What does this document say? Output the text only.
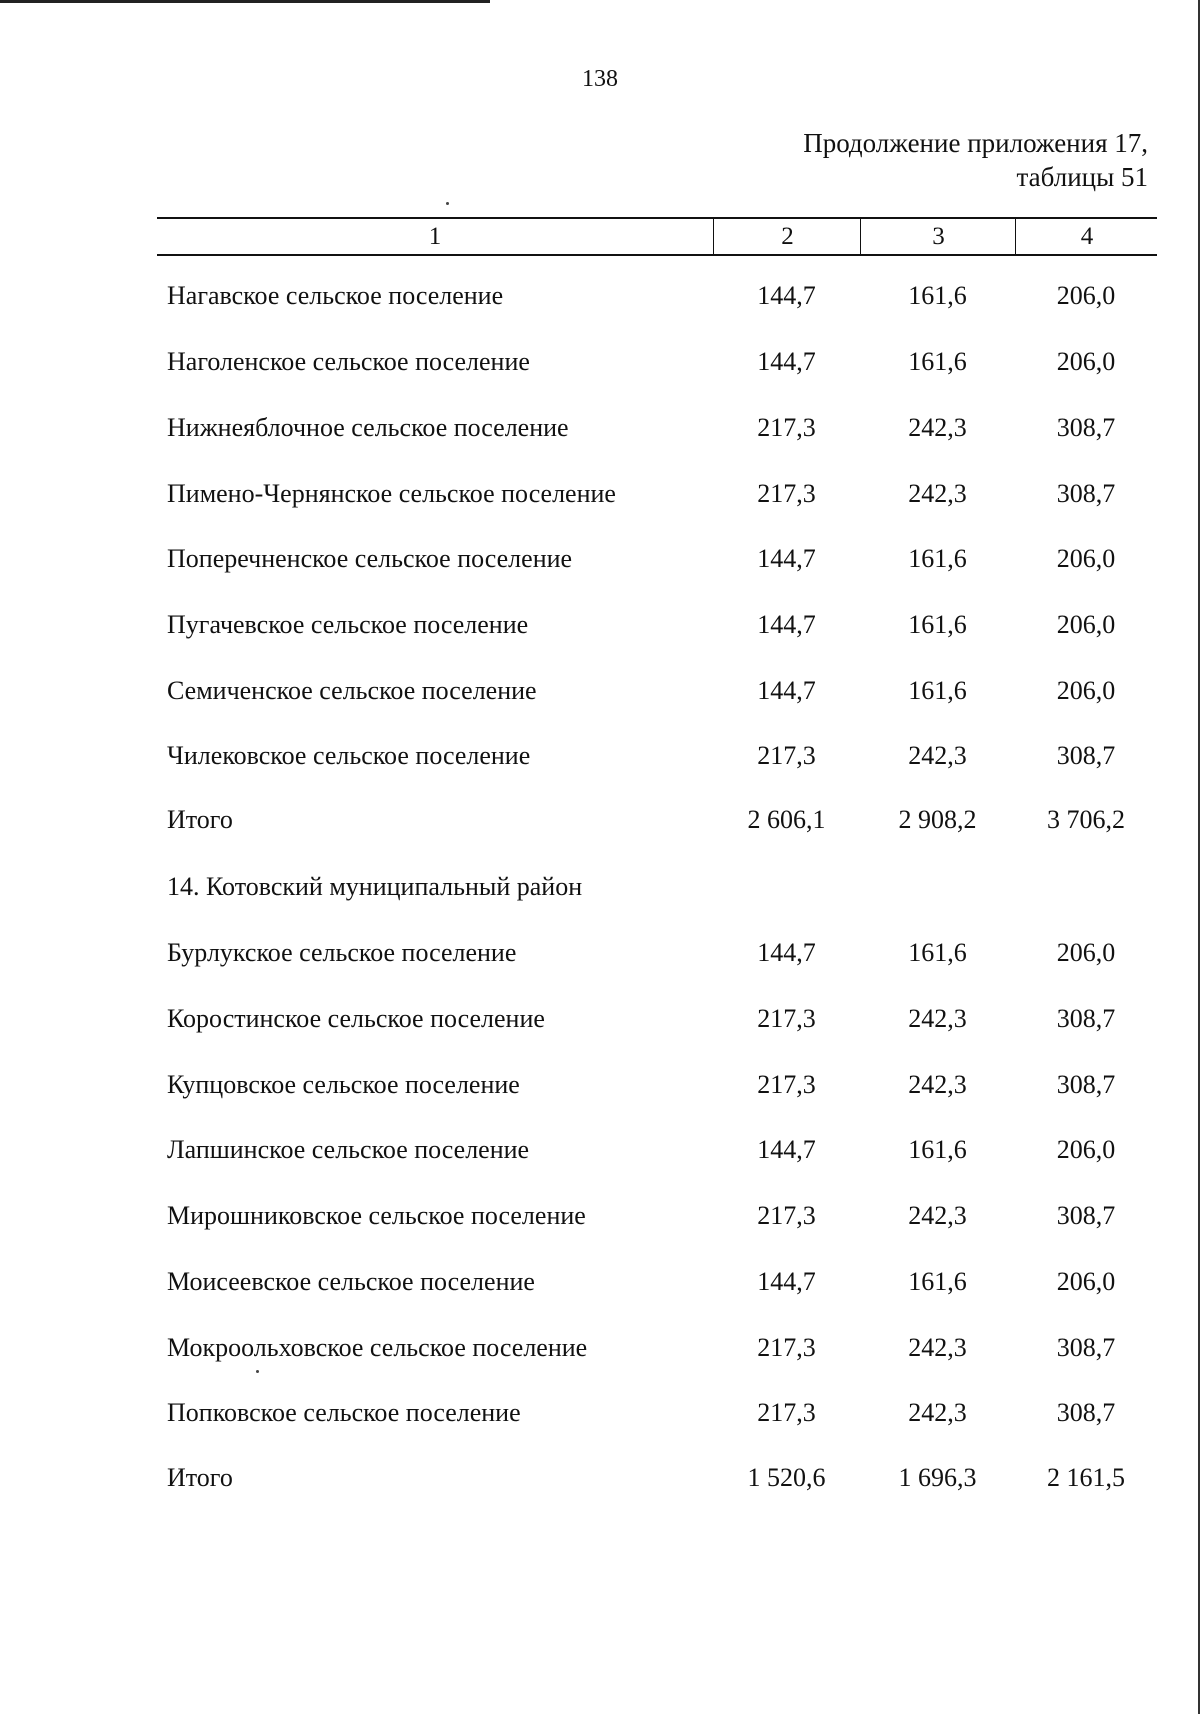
138
Продолжение приложения 17,
таблицы 51
1	2	3	4
Нагавское сельское поселение	144,7	161,6	206,0
Наголенское сельское поселение	144,7	161,6	206,0
Нижнеяблочное сельское поселение	217,3	242,3	308,7
Пимено-Чернянское сельское поселение	217,3	242,3	308,7
Поперечненское сельское поселение	144,7	161,6	206,0
Пугачевское сельское поселение	144,7	161,6	206,0
Семиченское сельское поселение	144,7	161,6	206,0
Чилековское сельское поселение	217,3	242,3	308,7
Итого	2 606,1	2 908,2	3 706,2
14. Котовский муниципальный район
Бурлукское сельское поселение	144,7	161,6	206,0
Коростинское сельское поселение	217,3	242,3	308,7
Купцовское сельское поселение	217,3	242,3	308,7
Лапшинское сельское поселение	144,7	161,6	206,0
Мирошниковское сельское поселение	217,3	242,3	308,7
Моисеевское сельское поселение	144,7	161,6	206,0
Мокроольховское сельское поселение	217,3	242,3	308,7
Попковское сельское поселение	217,3	242,3	308,7
Итого	1 520,6	1 696,3	2 161,5
